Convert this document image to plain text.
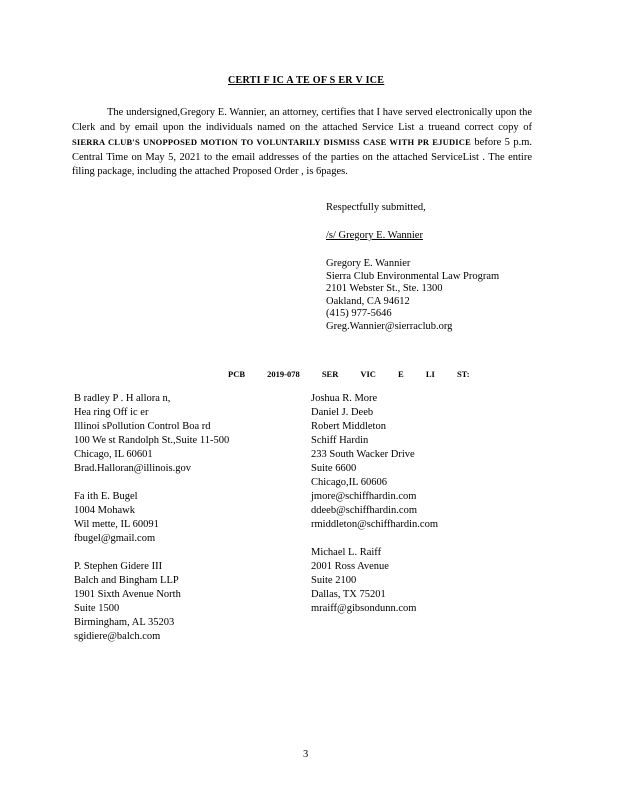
CERTI F IC A TE OF S ER V ICE
The undersigned,Gregory E. Wannier, an attorney, certifies that I have served electronically upon the Clerk and by email upon the individuals named on the attached Service List a trueand correct copy of SIERRA CLUB'S UNOPPOSED MOTION TO VOLUNTARILY DISMISS CASE WITH PR EJUDICE before 5 p.m. Central Time on May 5, 2021 to the email addresses of the parties on the attached ServiceList . The entire filing package, including the attached Proposed Order , is 6pages.
Respectfully submitted,
/s/ Gregory E. Wannier
Gregory E. Wannier
Sierra Club Environmental Law Program
2101 Webster St., Ste. 1300
Oakland, CA 94612
(415) 977-5646
Greg.Wannier@sierraclub.org
PCB 2019-078 SER VIC E LI ST:
B radley P . H allora n,
Hea ring Off ic er
Illinoi sPollution Control Boa rd
100 We st Randolph St.,Suite 11-500
Chicago, IL 60601
Brad.Halloran@illinois.gov
Fa ith E. Bugel
1004 Mohawk
Wil mette, IL 60091
fbugel@gmail.com
P. Stephen Gidere III
Balch and Bingham LLP
1901 Sixth Avenue North
Suite 1500
Birmingham, AL 35203
sgidiere@balch.com
Joshua R. More
Daniel J. Deeb
Robert Middleton
Schiff Hardin
233 South Wacker Drive
Suite 6600
Chicago,IL 60606
jmore@schiffhardin.com
ddeeb@schiffhardin.com
rmiddleton@schiffhardin.com
Michael L. Raiff
2001 Ross Avenue
Suite 2100
Dallas, TX 75201
mraiff@gibsondunn.com
3
